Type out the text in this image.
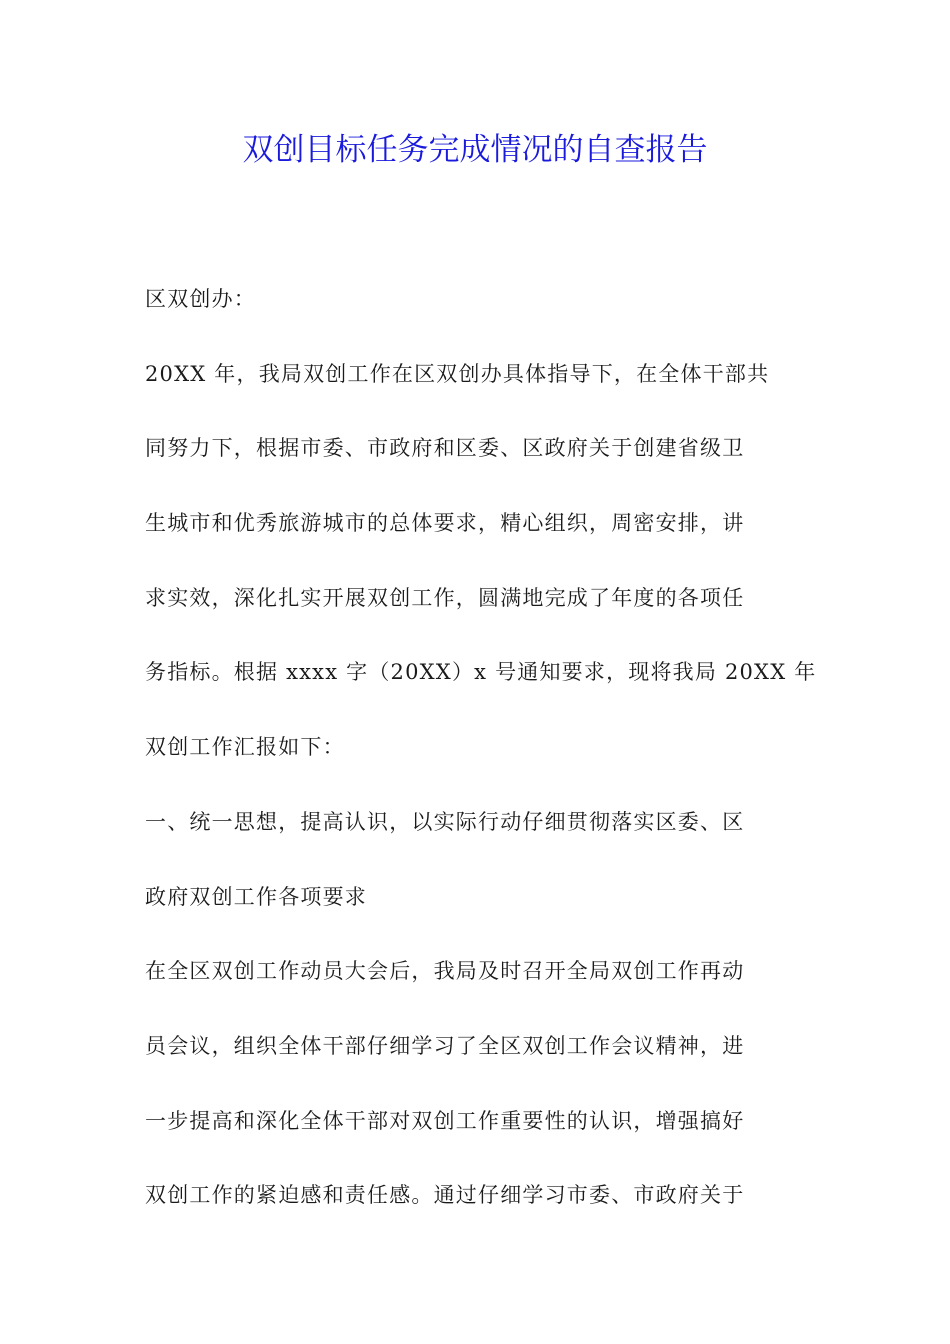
双创目标任务完成情况的自查报告
区双创办：
20XX 年，我局双创工作在区双创办具体指导下，在全体干部共
同努力下，根据市委、市政府和区委、区政府关于创建省级卫
生城市和优秀旅游城市的总体要求，精心组织，周密安排，讲
求实效，深化扎实开展双创工作，圆满地完成了年度的各项任
务指标。根据 xxxx 字（20XX）x 号通知要求，现将我局 20XX 年
双创工作汇报如下：
一、统一思想，提高认识，以实际行动仔细贯彻落实区委、区
政府双创工作各项要求
在全区双创工作动员大会后，我局及时召开全局双创工作再动
员会议，组织全体干部仔细学习了全区双创工作会议精神，进
一步提高和深化全体干部对双创工作重要性的认识，增强搞好
双创工作的紧迫感和责任感。通过仔细学习市委、市政府关于
